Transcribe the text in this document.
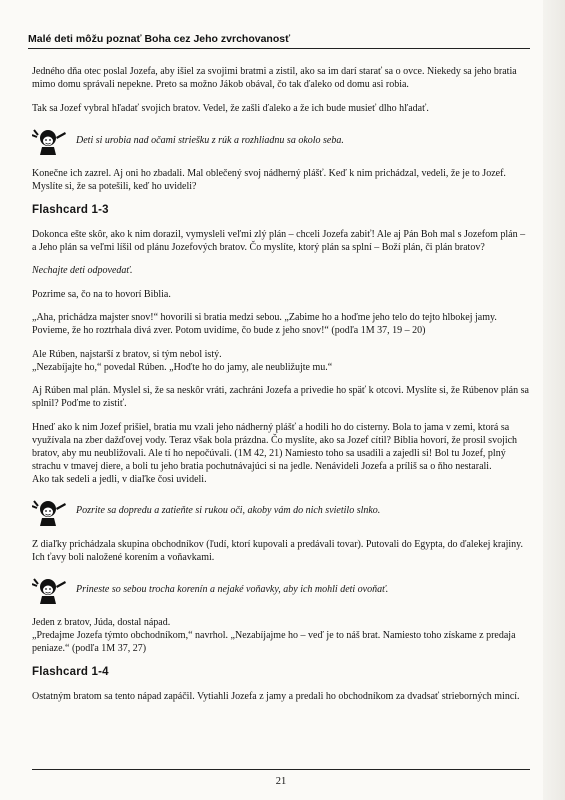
Malé deti môžu poznať Boha cez Jeho zvrchovanosť

Jedného dňa otec poslal Jozefa, aby išiel za svojimi bratmi a zistil, ako sa im darí starať sa o ovce. Niekedy sa jeho bratia mimo domu správali nepekne. Preto sa možno Jákob obával, čo tak ďaleko od domu asi robia.

Tak sa Jozef vybral hľadať svojich bratov. Vedel, že zašli ďaleko a že ich bude musieť dlho hľadať.

Deti si urobia nad očami striešku z rúk a rozhliadnu sa okolo seba.

Konečne ich zazrel. Aj oni ho zbadali. Mal oblečený svoj nádherný plášť. Keď k nim prichádzal, vedeli, že je to Jozef. Myslíte si, že sa potešili, keď ho uvideli?

Flashcard 1-3

Dokonca ešte skôr, ako k nim dorazil, vymysleli veľmi zlý plán – chceli Jozefa zabiť! Ale aj Pán Boh mal s Jozefom plán – a Jeho plán sa veľmi líšil od plánu Jozefových bratov. Čo myslíte, ktorý plán sa splní – Boží plán, či plán bratov?

Nechajte deti odpovedať.

Pozrime sa, čo na to hovorí Biblia.

„Aha, prichádza majster snov!“ hovorili si bratia medzi sebou. „Zabime ho a hoďme jeho telo do tejto hlbokej jamy. Povieme, že ho roztrhala divá zver. Potom uvidíme, čo bude z jeho snov!“ (podľa 1M 37, 19 – 20)

Ale Rúben, najstarší z bratov, si tým nebol istý.
„Nezabíjajte ho,“ povedal Rúben. „Hoďte ho do jamy, ale neubližujte mu.“

Aj Rúben mal plán. Myslel si, že sa neskôr vráti, zachráni Jozefa a privedie ho späť k otcovi. Myslíte si, že Rúbenov plán sa splnil? Poďme to zistiť.

Hneď ako k nim Jozef prišiel, bratia mu vzali jeho nádherný plášť a hodili ho do cisterny. Bola to jama v zemi, ktorá sa využívala na zber dažďovej vody. Teraz však bola prázdna. Čo myslíte, ako sa Jozef cítil? Biblia hovorí, že prosil svojich bratov, aby mu neubližovali. Ale tí ho nepočúvali. (1M 42, 21) Namiesto toho sa usadili a zajedli si! Bol tu Jozef, plný strachu v tmavej diere, a boli tu jeho bratia pochutnávajúci si na jedle. Nenávideli Jozefa a príliš sa o ňho nestarali.
Ako tak sedeli a jedli, v diaľke čosi uvideli.

Pozrite sa dopredu a zatieňte si rukou oči, akoby vám do nich svietilo slnko.

Z diaľky prichádzala skupina obchodníkov (ľudí, ktorí kupovali a predávali tovar). Putovali do Egypta, do ďalekej krajiny. Ich ťavy boli naložené korením a voňavkami.

Prineste so sebou trocha korenín a nejaké voňavky, aby ich mohli deti ovoňať.

Jeden z bratov, Júda, dostal nápad.
„Predajme Jozefa týmto obchodníkom,“ navrhol. „Nezabíjajme ho – veď je to náš brat. Namiesto toho získame z predaja peniaze.“ (podľa 1M 37, 27)

Flashcard 1-4

Ostatným bratom sa tento nápad zapáčil. Vytiahli Jozefa z jamy a predali ho obchodníkom za dvadsať strieborných mincí.

21
